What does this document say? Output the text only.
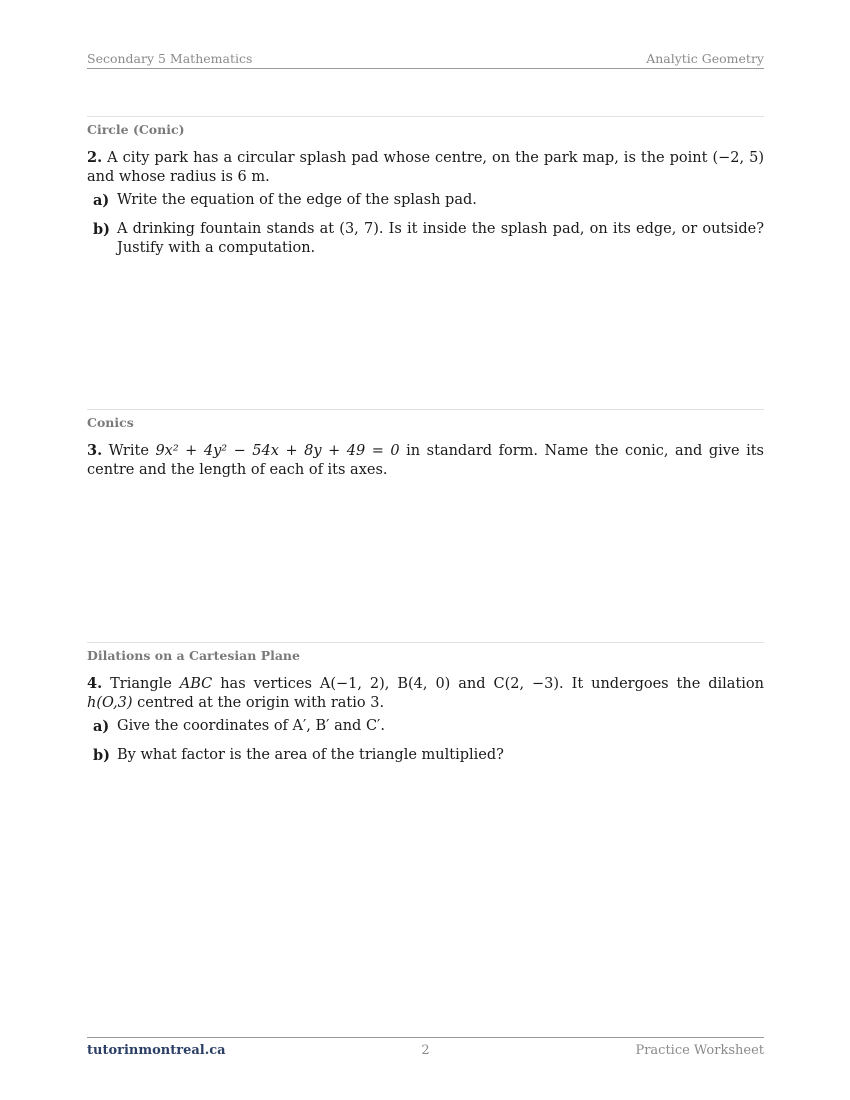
Secondary 5 Mathematics	Analytic Geometry
Circle (Conic)
2. A city park has a circular splash pad whose centre, on the park map, is the point (−2, 5) and whose radius is 6 m.
a) Write the equation of the edge of the splash pad.
b) A drinking fountain stands at (3, 7). Is it inside the splash pad, on its edge, or outside? Justify with a computation.
Conics
3. Write 9x² + 4y² − 54x + 8y + 49 = 0 in standard form. Name the conic, and give its centre and the length of each of its axes.
Dilations on a Cartesian Plane
4. Triangle ABC has vertices A(−1, 2), B(4, 0) and C(2, −3). It undergoes the dilation h(O,3) centred at the origin with ratio 3.
a) Give the coordinates of A′, B′ and C′.
b) By what factor is the area of the triangle multiplied?
tutorinmontreal.ca	2	Practice Worksheet
